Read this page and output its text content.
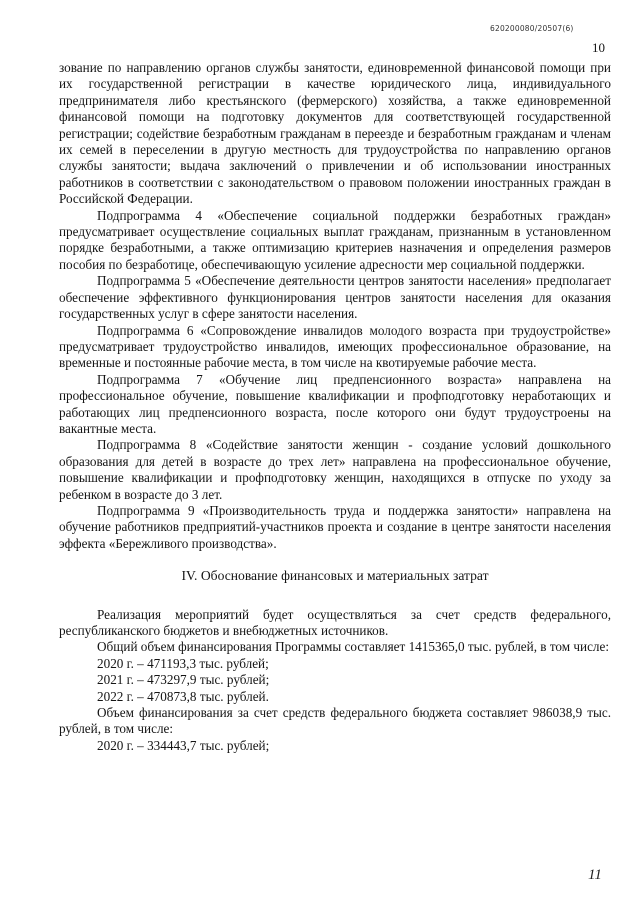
620200080/20507(6)
10

зование по направлению органов службы занятости, единовременной финансовой помощи при их государственной регистрации в качестве юридического лица, индивидуального предпринимателя либо крестьянского (фермерского) хозяйства, а также единовременной финансовой помощи на подготовку документов для соответствующей государственной регистрации; содействие безработным гражданам в переезде и безработным гражданам и членам их семей в переселении в другую местность для трудоустройства по направлению органов службы занятости; выдача заключений о привлечении и об использовании иностранных работников в соответствии с законодательством о правовом положении иностранных граждан в Российской Федерации.

Подпрограмма 4 «Обеспечение социальной поддержки безработных граждан» предусматривает осуществление социальных выплат гражданам, признанным в установленном порядке безработными, а также оптимизацию критериев назначения и определения размеров пособия по безработице, обеспечивающую усиление адресности мер социальной поддержки.

Подпрограмма 5 «Обеспечение деятельности центров занятости населения» предполагает обеспечение эффективного функционирования центров занятости населения для оказания государственных услуг в сфере занятости населения.

Подпрограмма 6 «Сопровождение инвалидов молодого возраста при трудоустройстве» предусматривает трудоустройство инвалидов, имеющих профессиональное образование, на временные и постоянные рабочие места, в том числе на квотируемые рабочие места.

Подпрограмма 7 «Обучение лиц предпенсионного возраста» направлена на профессиональное обучение, повышение квалификации и профподготовку неработающих и работающих лиц предпенсионного возраста, после которого они будут трудоустроены на вакантные места.

Подпрограмма 8 «Содействие занятости женщин - создание условий дошкольного образования для детей в возрасте до трех лет» направлена на профессиональное обучение, повышение квалификации и профподготовку женщин, находящихся в отпуске по уходу за ребенком в возрасте до 3 лет.

Подпрограмма 9 «Производительность труда и поддержка занятости» направлена на обучение работников предприятий-участников проекта и создание в центре занятости населения эффекта «Бережливого производства».

IV. Обоснование финансовых и материальных затрат

Реализация мероприятий будет осуществляться за счет средств федерального, республиканского бюджетов и внебюджетных источников.

Общий объем финансирования Программы составляет 1415365,0 тыс. рублей, в том числе:

2020 г. – 471193,3 тыс. рублей;

2021 г. – 473297,9 тыс. рублей;

2022 г. – 470873,8 тыс. рублей.

Объем финансирования за счет средств федерального бюджета составляет 986038,9 тыс. рублей, в том числе:

2020 г. – 334443,7 тыс. рублей;

11
